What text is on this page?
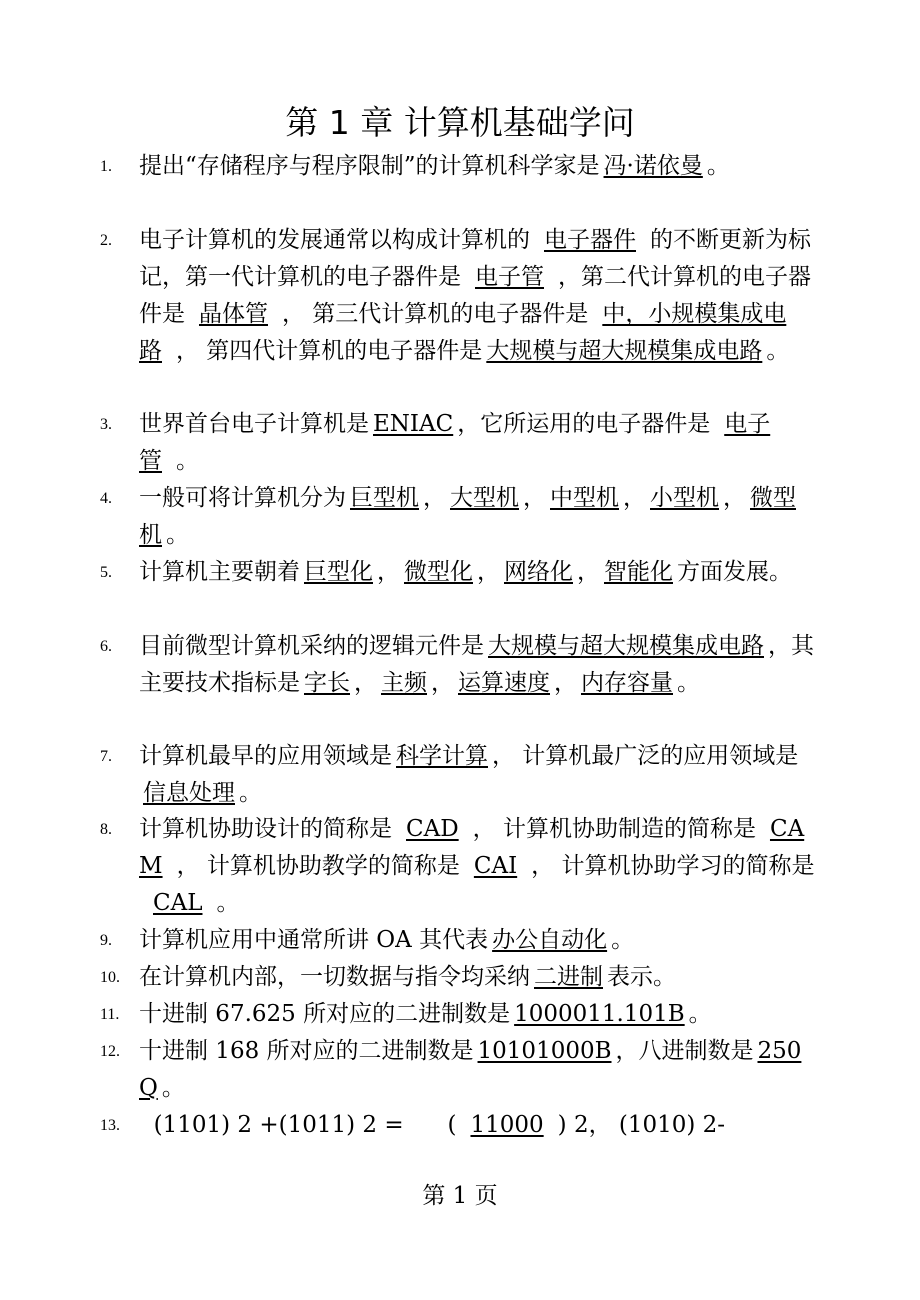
第 1 章 计算机基础学问
1. 提出“存储程序与程序限制”的计算机科学家是 冯·诺依曼 。
2. 电子计算机的发展通常以构成计算机的 电子器件 的不断更新为标记，第一代计算机的电子器件是 电子管 ，第二代计算机的电子器件是 晶体管 ， 第三代计算机的电子器件是 中，小规模集成电路 ， 第四代计算机的电子器件是 大规模与超大规模集成电路 。
3. 世界首台电子计算机是 ENIAC ，它所运用的电子器件是 电子管 。
4. 一般可将计算机分为 巨型机 ， 大型机 ， 中型机 ， 小型机 ， 微型机 。
5. 计算机主要朝着 巨型化 ， 微型化 ， 网络化 ， 智能化 方面发展。
6. 目前微型计算机采纳的逻辑元件是 大规模与超大规模集成电路 ，其主要技术指标是 字长 ， 主频 ， 运算速度 ， 内存容量 。
7. 计算机最早的应用领域是 科学计算 ， 计算机最广泛的应用领域是信息处理 。
8. 计算机协助设计的简称是 CAD ， 计算机协助制造的简称是 CAM ， 计算机协助教学的简称是 CAI ， 计算机协助学习的简称是CAL 。
9. 计算机应用中通常所讲 OA 其代表 办公自动化 。
10. 在计算机内部，一切数据与指令均采纳 二进制 表示。
11. 十进制 67.625 所对应的二进制数是 1000011.101B 。
12. 十进制 168 所对应的二进制数是 10101000B ，八进制数是 250Q 。
13. (1101) 2 +(1011) 2 =      ( 11000 ) 2， (1010) 2-
第 1 页
